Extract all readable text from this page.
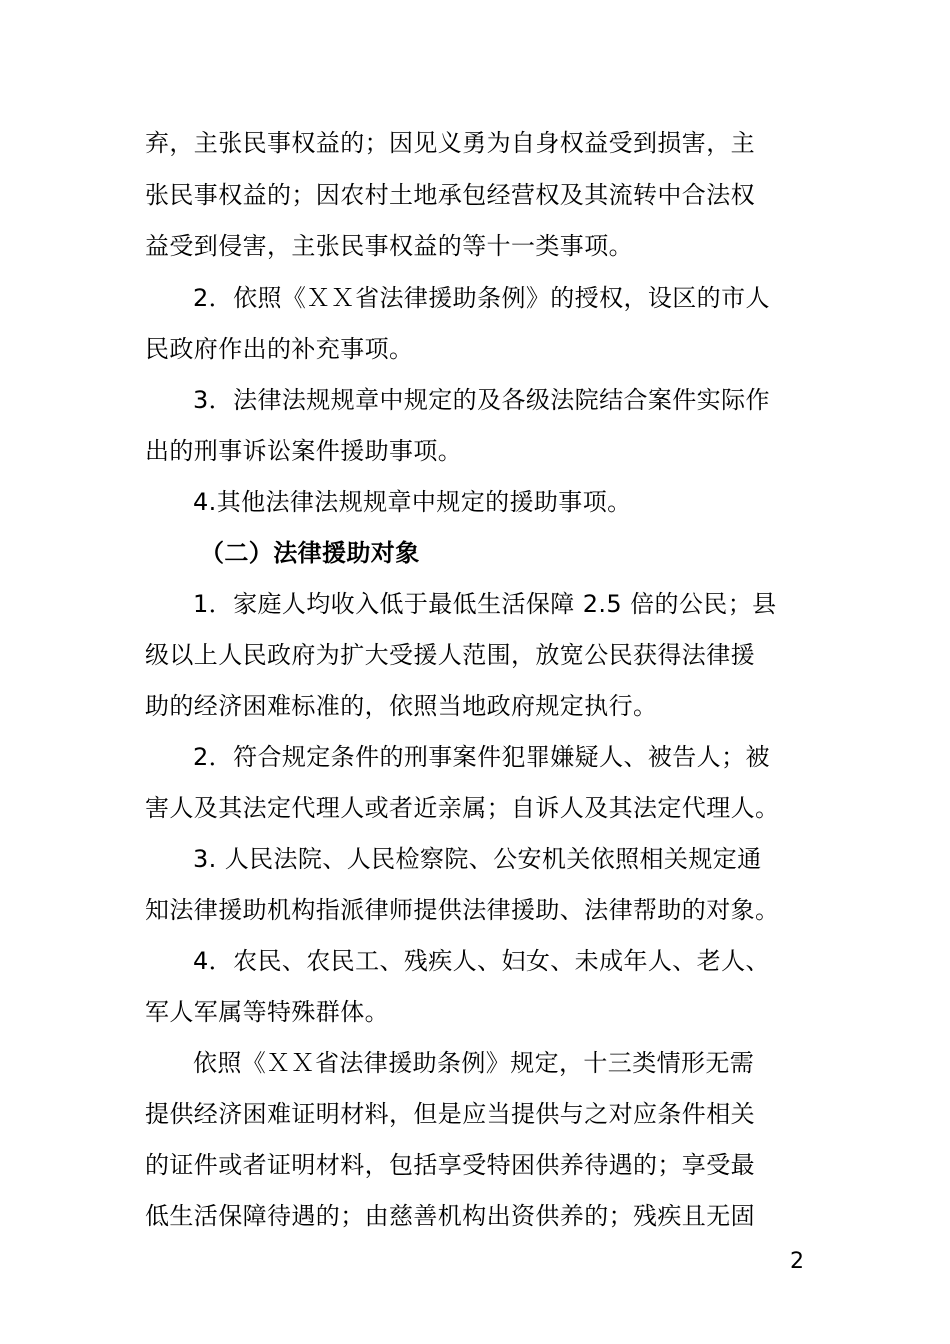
弃，主张民事权益的；因见义勇为自身权益受到损害，主
张民事权益的；因农村土地承包经营权及其流转中合法权
益受到侵害，主张民事权益的等十一类事项。
2．依照《ＸＸ省法律援助条例》的授权，设区的市人
民政府作出的补充事项。
3．法律法规规章中规定的及各级法院结合案件实际作
出的刑事诉讼案件援助事项。
4.其他法律法规规章中规定的援助事项。
（二）法律援助对象
1．家庭人均收入低于最低生活保障 2.5 倍的公民；县
级以上人民政府为扩大受援人范围，放宽公民获得法律援
助的经济困难标准的，依照当地政府规定执行。
2．符合规定条件的刑事案件犯罪嫌疑人、被告人；被
害人及其法定代理人或者近亲属；自诉人及其法定代理人。
3. 人民法院、人民检察院、公安机关依照相关规定通
知法律援助机构指派律师提供法律援助、法律帮助的对象。
4．农民、农民工、残疾人、妇女、未成年人、老人、
军人军属等特殊群体。
依照《ＸＸ省法律援助条例》规定，十三类情形无需
提供经济困难证明材料，但是应当提供与之对应条件相关
的证件或者证明材料，包括享受特困供养待遇的；享受最
低生活保障待遇的；由慈善机构出资供养的；残疾且无固
2
